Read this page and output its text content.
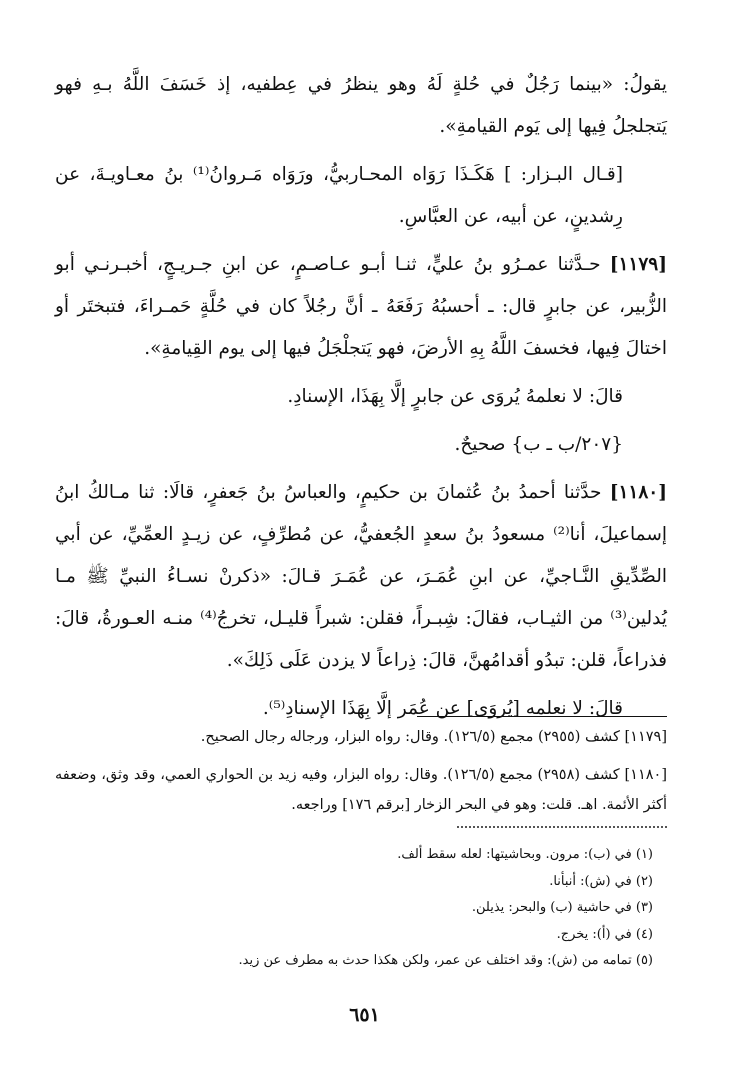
يقولُ: «بينما رَجُلٌ في حُلةٍ لَهُ وهو ينظرُ في عِطفيه، إذ خَسَفَ اللَّهُ بـهِ فهو يَتجلجلُ فِيها إلى يَوم القيامةِ».

[قـال البـزار: ] هَكَـذَا رَوَاه المحـاربيُّ، ورَوَاه مَـروانُ⁽¹⁾ بنُ معـاويـةَ، عن رِشدينٍ، عن أبيه، عن العبَّاسِ.

[١١٧٩] حـدَّثنا عمـرُو بنُ عليٍّ، ثنـا أبـو عـاصـمٍ، عن ابنِ جـريـجٍ، أخبـرنـي أبو الزُّبير، عن جابرٍ قال: ـ أحسبُهُ رَفَعَهُ ـ أنَّ رجُلاً كان في حُلَّةٍ حَمـراءَ، فتبختَر أو اختالَ فِيها، فخسفَ اللَّهُ بِهِ الأرضَ، فهو يَتجلْجَلُ فيها إلى يوم القِيامةِ».

قالَ: لا نعلمهُ يُروَى عن جابرٍ إلَّا بِهَذَا، الإسنادِ.

{٢٠٧/ب ـ ب} صحيحٌ.

[١١٨٠] حدَّثنا أحمدُ بنُ عُثمانَ بن حكيمٍ، والعباسُ بنُ جَعفرٍ، قالَا: ثنا مـالكُ ابنُ إسماعيلَ، أنا⁽²⁾ مسعودُ بنُ سعدٍ الجُعفيُّ، عن مُطرِّفٍ، عن زيـدٍ العمِّيِّ، عن أبي الصِّدِّيقِ النَّـاجيِّ، عن ابنِ عُمَـرَ، عن عُمَـرَ قـالَ: «ذكرنْ نسـاءُ النبيِّ ﷺ مـا يُدلين⁽³⁾ من الثيـاب، فقالَ: شِبـراً، فقلن: شبراً قليـل، تخرجُ⁽⁴⁾ منـه العـورةُ، قالَ: فذراعاً، قلن: تبدُو أقدامُهنَّ، قالَ: ذِراعاً لا يزدن عَلَى ذَلِكَ».

قالَ: لا نعلمه [يُروَى] عن عُمَر إلَّا بِهَذَا الإسنادِ⁽⁵⁾.

[١١٧٩] كشف (٢٩٥٥) مجمع (١٢٦/٥). وقال: رواه البزار، ورجاله رجال الصحيح.

[١١٨٠] كشف (٢٩٥٨) مجمع (١٢٦/٥). وقال: رواه البزار، وفيه زيد بن الحواري العمي، وقد وثق، وضعفه أكثر الأئمة. اهـ. قلت: وهو في البحر الزخار [برقم ١٧٦] وراجعه.

(١) في (ب): مرون. وبحاشيتها: لعله سقط ألف.
(٢) في (ش): أنبأنا.
(٣) في حاشية (ب) والبحر: يذيلن.
(٤) في (أ): يخرج.
(٥) تمامه من (ش): وقد اختلف عن عمر، ولكن هكذا حدث به مطرف عن زيد.
٦٥١
